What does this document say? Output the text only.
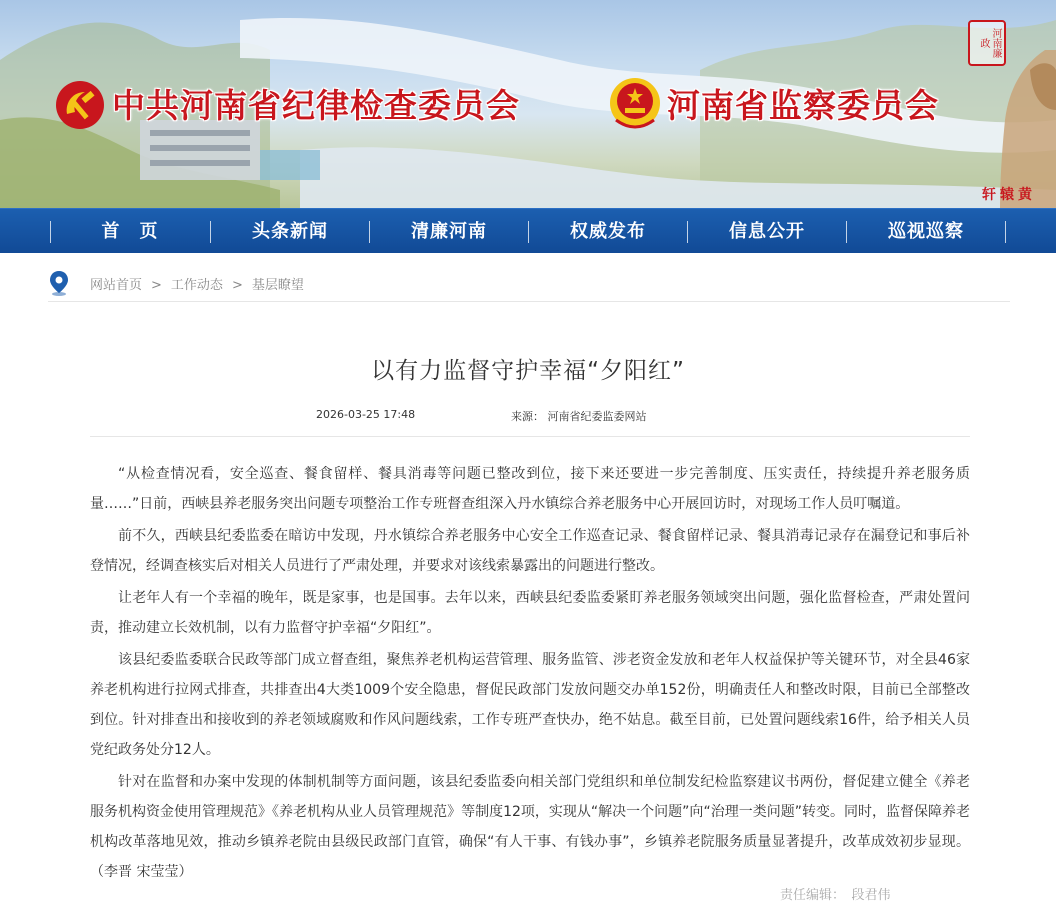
中共河南省纪律检查委员会	河南省监察委员会
河南廉政
轩辕黄
首　页	头条新闻	清廉河南	权威发布	信息公开	巡视巡察
网站首页 > 工作动态 > 基层瞭望
以有力监督守护幸福“夕阳红”
2026-03-25 17:48	来源： 河南省纪委监委网站

“从检查情况看，安全巡查、餐食留样、餐具消毒等问题已整改到位，接下来还要进一步完善制度、压实责任，持续提升养老服务质量……”日前，西峡县养老服务突出问题专项整治工作专班督查组深入丹水镇综合养老服务中心开展回访时，对现场工作人员叮嘱道。

前不久，西峡县纪委监委在暗访中发现，丹水镇综合养老服务中心安全工作巡查记录、餐食留样记录、餐具消毒记录存在漏登记和事后补登情况，经调查核实后对相关人员进行了严肃处理，并要求对该线索暴露出的问题进行整改。

让老年人有一个幸福的晚年，既是家事，也是国事。去年以来，西峡县纪委监委紧盯养老服务领域突出问题，强化监督检查，严肃处置问责，推动建立长效机制，以有力监督守护幸福“夕阳红”。

该县纪委监委联合民政等部门成立督查组，聚焦养老机构运营管理、服务监管、涉老资金发放和老年人权益保护等关键环节，对全县46家养老机构进行拉网式排查，共排查出4大类1009个安全隐患，督促民政部门发放问题交办单152份，明确责任人和整改时限，目前已全部整改到位。针对排查出和接收到的养老领域腐败和作风问题线索，工作专班严查快办，绝不姑息。截至目前，已处置问题线索16件，给予相关人员党纪政务处分12人。

针对在监督和办案中发现的体制机制等方面问题，该县纪委监委向相关部门党组织和单位制发纪检监察建议书两份，督促建立健全《养老服务机构资金使用管理规范》《养老机构从业人员管理规范》等制度12项，实现从“解决一个问题”向“治理一类问题”转变。同时，监督保障养老机构改革落地见效，推动乡镇养老院由县级民政部门直管，确保“有人干事、有钱办事”，乡镇养老院服务质量显著提升，改革成效初步显现。（李晋 宋莹莹）

责任编辑：　段君伟
